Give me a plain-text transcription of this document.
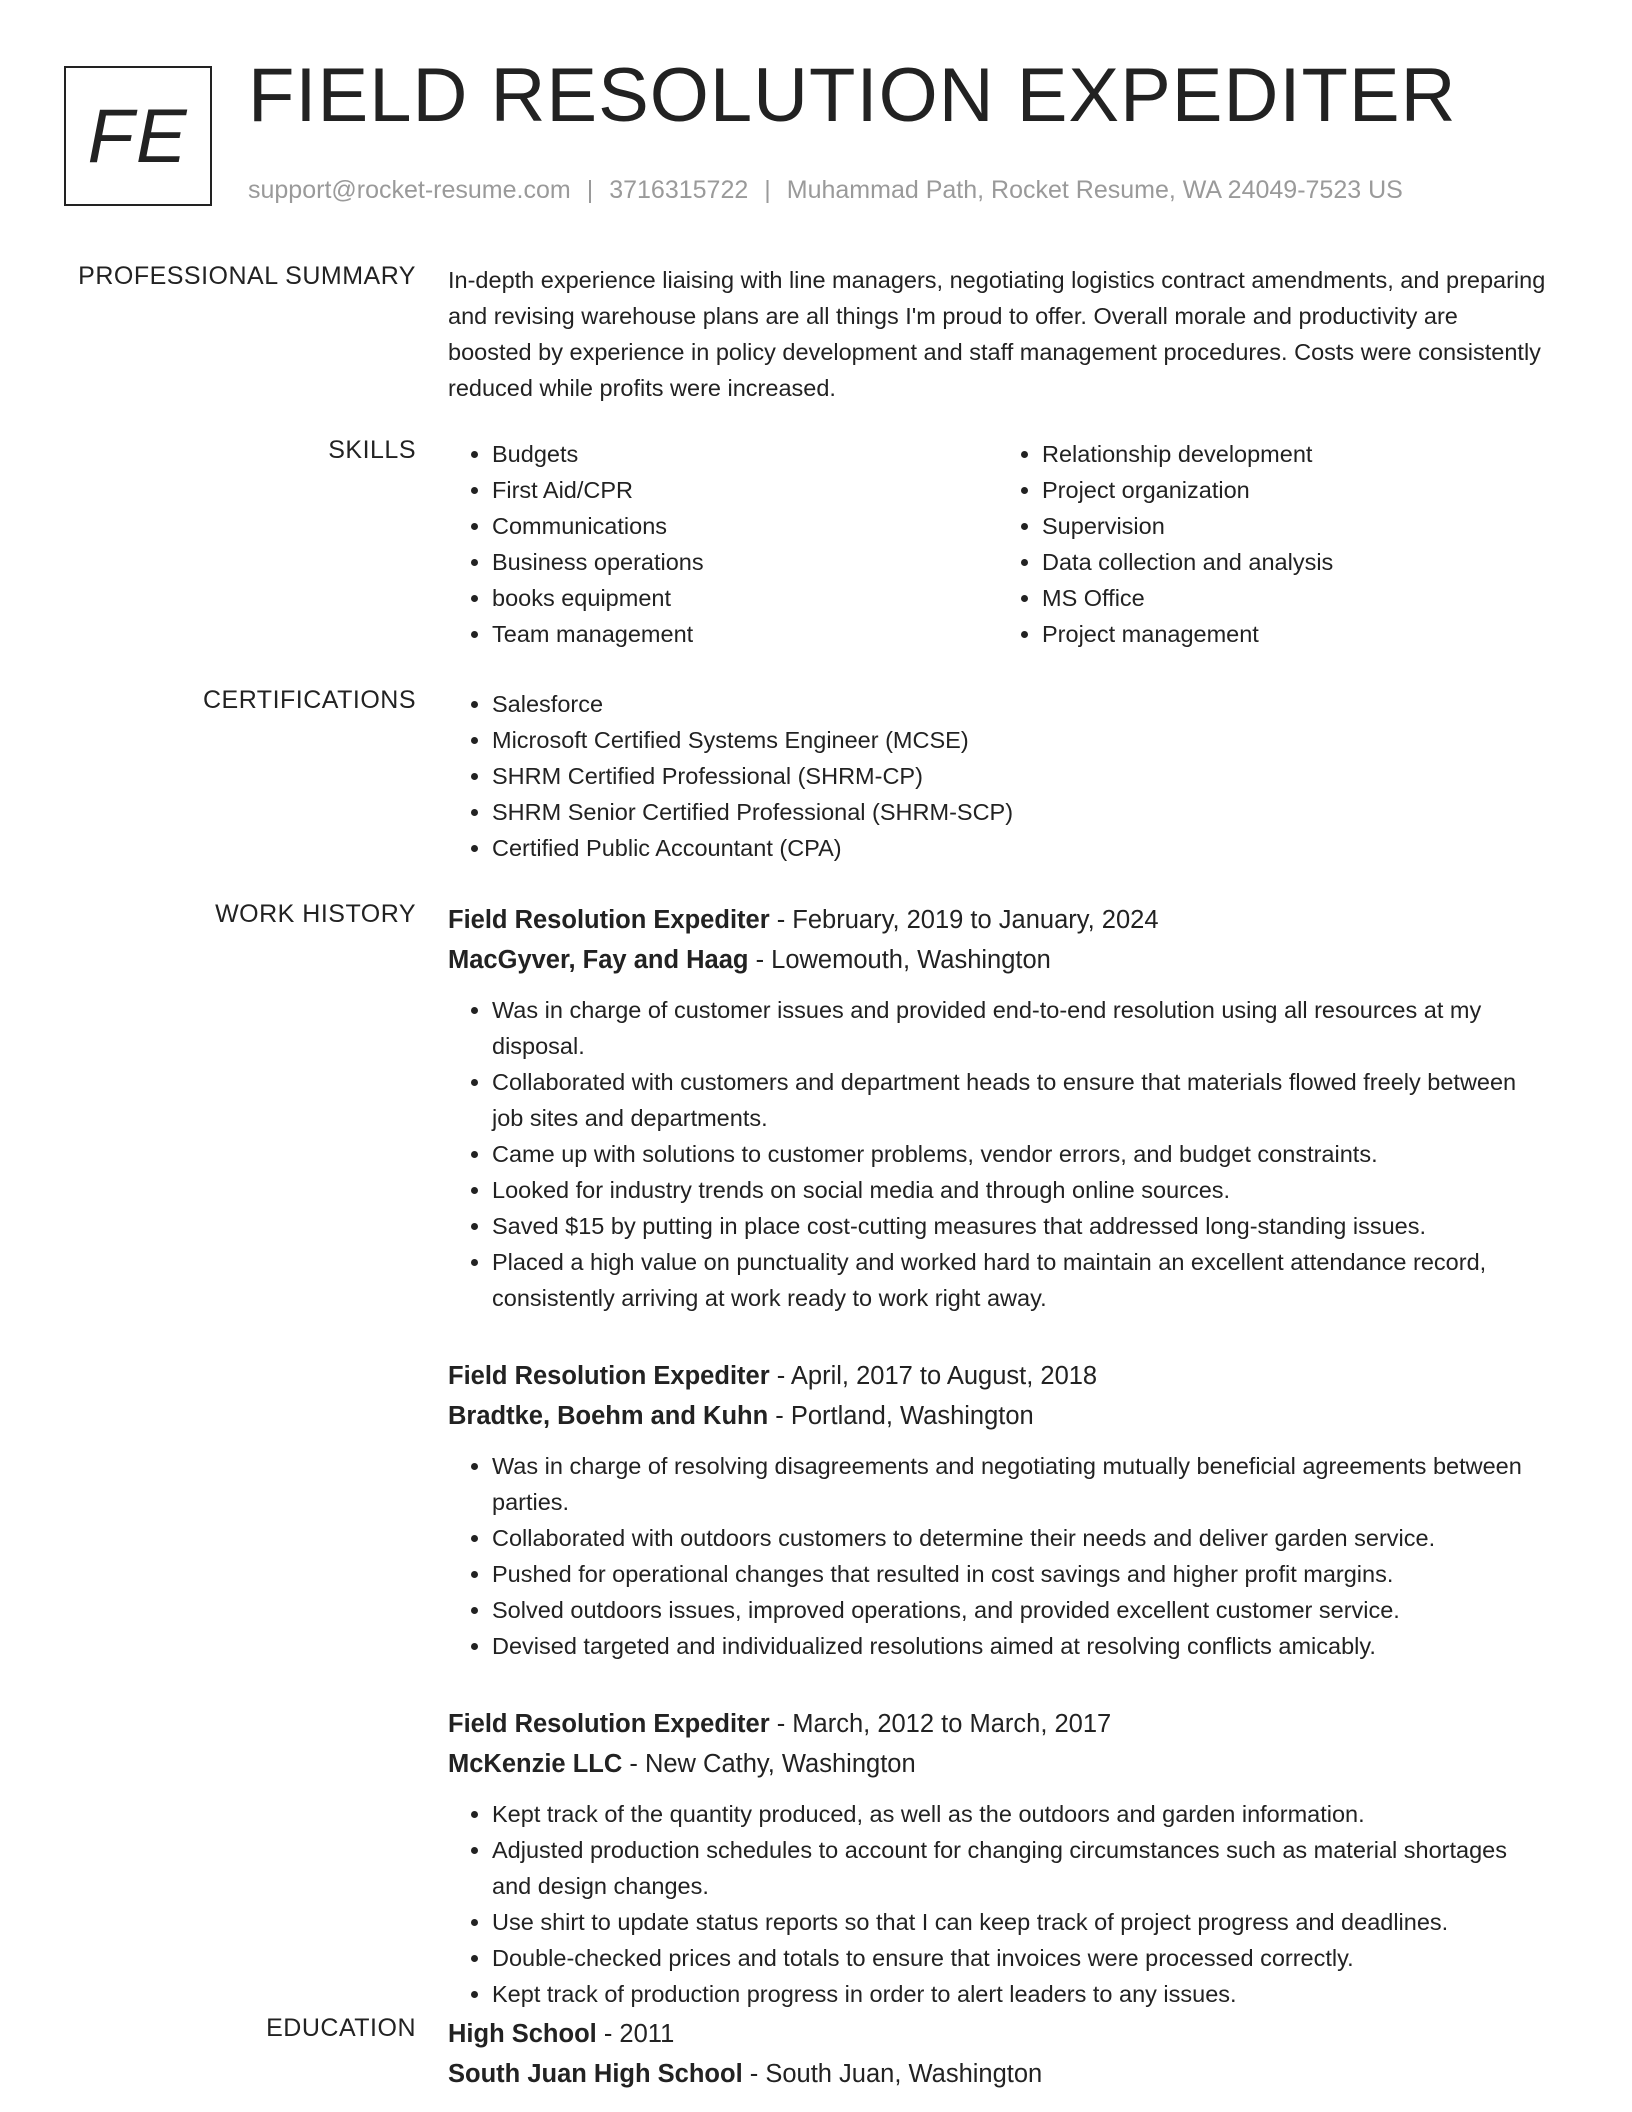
FE FIELD RESOLUTION EXPEDITER
support@rocket-resume.com | 3716315722 | Muhammad Path, Rocket Resume, WA 24049-7523 US
PROFESSIONAL SUMMARY In-depth experience liaising with line managers, negotiating logistics contract amendments, and preparing and revising warehouse plans are all things I'm proud to offer. Overall morale and productivity are boosted by experience in policy development and staff management procedures. Costs were consistently reduced while profits were increased.
SKILLS	• Budgets
• First Aid/CPR
• Communications
• Business operations
• books equipment
• Team management
• Relationship development
• Project organization
• Supervision
• Data collection and analysis
• MS Office
• Project management
CERTIFICATIONS	• Salesforce
• Microsoft Certified Systems Engineer (MCSE)
• SHRM Certified Professional (SHRM-CP)
• SHRM Senior Certified Professional (SHRM-SCP)
• Certified Public Accountant (CPA)
WORK HISTORY Field Resolution Expediter - February, 2019 to January, 2024
MacGyver, Fay and Haag - Lowemouth, Washington
• Was in charge of customer issues and provided end-to-end resolution using all resources at my disposal.
• Collaborated with customers and department heads to ensure that materials flowed freely between job sites and departments.
• Came up with solutions to customer problems, vendor errors, and budget constraints.
• Looked for industry trends on social media and through online sources.
• Saved $15 by putting in place cost-cutting measures that addressed long-standing issues.
• Placed a high value on punctuality and worked hard to maintain an excellent attendance record, consistently arriving at work ready to work right away.
Field Resolution Expediter - April, 2017 to August, 2018
Bradtke, Boehm and Kuhn - Portland, Washington
• Was in charge of resolving disagreements and negotiating mutually beneficial agreements between parties.
• Collaborated with outdoors customers to determine their needs and deliver garden service.
• Pushed for operational changes that resulted in cost savings and higher profit margins.
• Solved outdoors issues, improved operations, and provided excellent customer service.
• Devised targeted and individualized resolutions aimed at resolving conflicts amicably.
Field Resolution Expediter - March, 2012 to March, 2017
McKenzie LLC - New Cathy, Washington
• Kept track of the quantity produced, as well as the outdoors and garden information.
• Adjusted production schedules to account for changing circumstances such as material shortages and design changes.
• Use shirt to update status reports so that I can keep track of project progress and deadlines.
• Double-checked prices and totals to ensure that invoices were processed correctly.
• Kept track of production progress in order to alert leaders to any issues.
EDUCATION High School - 2011
South Juan High School - South Juan, Washington
